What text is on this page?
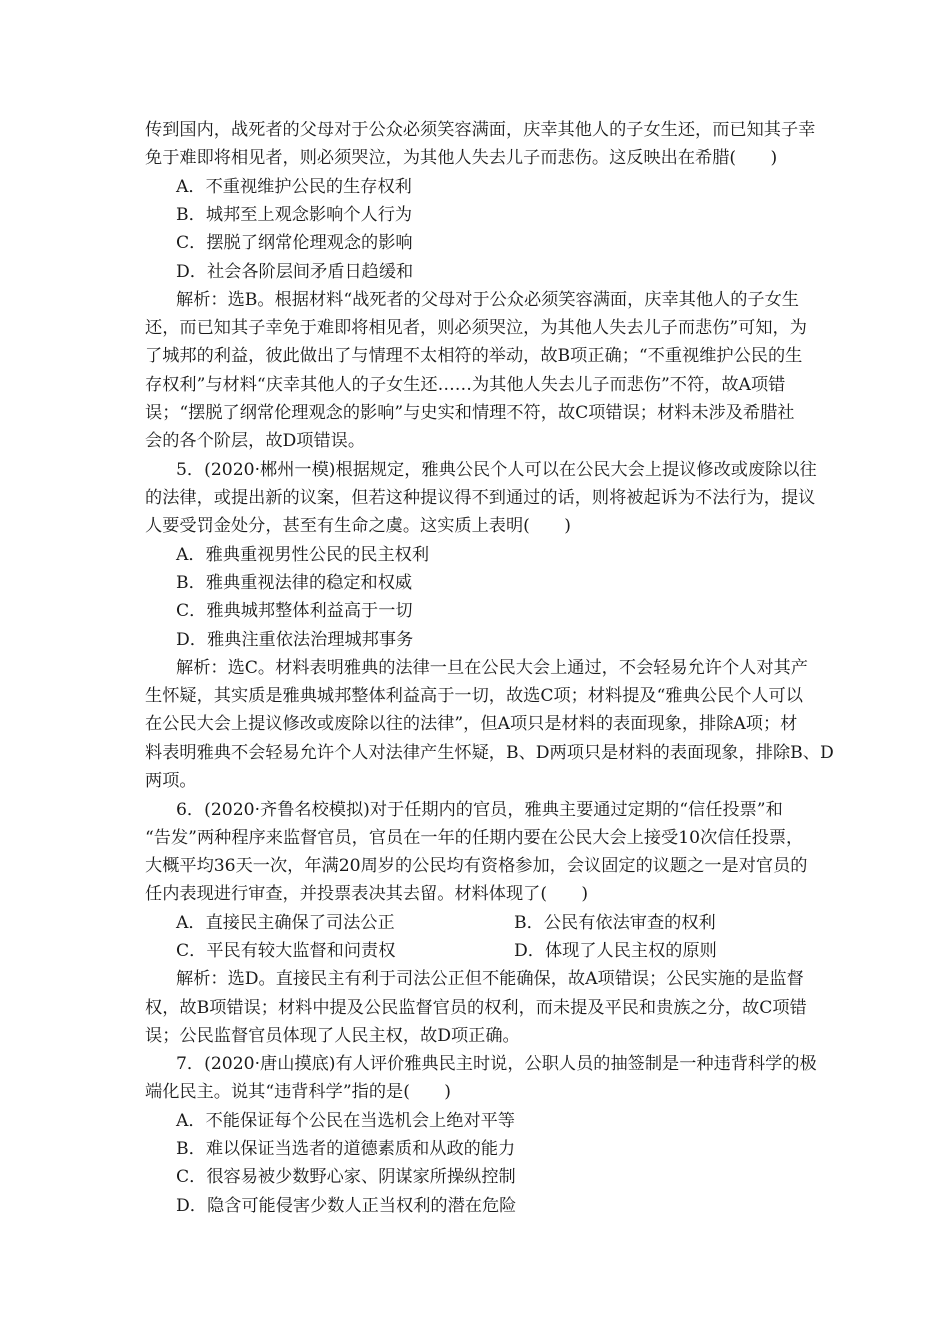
传到国内，战死者的父母对于公众必须笑容满面，庆幸其他人的子女生还，而已知其子幸
免于难即将相见者，则必须哭泣，为其他人失去儿子而悲伤。这反映出在希腊(　　)
A．不重视维护公民的生存权利
B．城邦至上观念影响个人行为
C．摆脱了纲常伦理观念的影响
D．社会各阶层间矛盾日趋缓和
解析：选B。根据材料“战死者的父母对于公众必须笑容满面，庆幸其他人的子女生
还，而已知其子幸免于难即将相见者，则必须哭泣，为其他人失去儿子而悲伤”可知，为
了城邦的利益，彼此做出了与情理不太相符的举动，故B项正确；“不重视维护公民的生
存权利”与材料“庆幸其他人的子女生还……为其他人失去儿子而悲伤”不符，故A项错
误；“摆脱了纲常伦理观念的影响”与史实和情理不符，故C项错误；材料未涉及希腊社
会的各个阶层，故D项错误。
5．(2020·郴州一模)根据规定，雅典公民个人可以在公民大会上提议修改或废除以往
的法律，或提出新的议案，但若这种提议得不到通过的话，则将被起诉为不法行为，提议
人要受罚金处分，甚至有生命之虞。这实质上表明(　　)
A．雅典重视男性公民的民主权利
B．雅典重视法律的稳定和权威
C．雅典城邦整体利益高于一切
D．雅典注重依法治理城邦事务
解析：选C。材料表明雅典的法律一旦在公民大会上通过，不会轻易允许个人对其产
生怀疑，其实质是雅典城邦整体利益高于一切，故选C项；材料提及“雅典公民个人可以
在公民大会上提议修改或废除以往的法律”，但A项只是材料的表面现象，排除A项；材
料表明雅典不会轻易允许个人对法律产生怀疑，B、D两项只是材料的表面现象，排除B、D
两项。
6．(2020·齐鲁名校模拟)对于任期内的官员，雅典主要通过定期的“信任投票”和
“告发”两种程序来监督官员，官员在一年的任期内要在公民大会上接受10次信任投票，
大概平均36天一次，年满20周岁的公民均有资格参加，会议固定的议题之一是对官员的
任内表现进行审查，并投票表决其去留。材料体现了(　　)
A．直接民主确保了司法公正	B．公民有依法审查的权利
C．平民有较大监督和问责权	D．体现了人民主权的原则
解析：选D。直接民主有利于司法公正但不能确保，故A项错误；公民实施的是监督
权，故B项错误；材料中提及公民监督官员的权利，而未提及平民和贵族之分，故C项错
误；公民监督官员体现了人民主权，故D项正确。
7．(2020·唐山摸底)有人评价雅典民主时说，公职人员的抽签制是一种违背科学的极
端化民主。说其“违背科学”指的是(　　)
A．不能保证每个公民在当选机会上绝对平等
B．难以保证当选者的道德素质和从政的能力
C．很容易被少数野心家、阴谋家所操纵控制
D．隐含可能侵害少数人正当权利的潜在危险
